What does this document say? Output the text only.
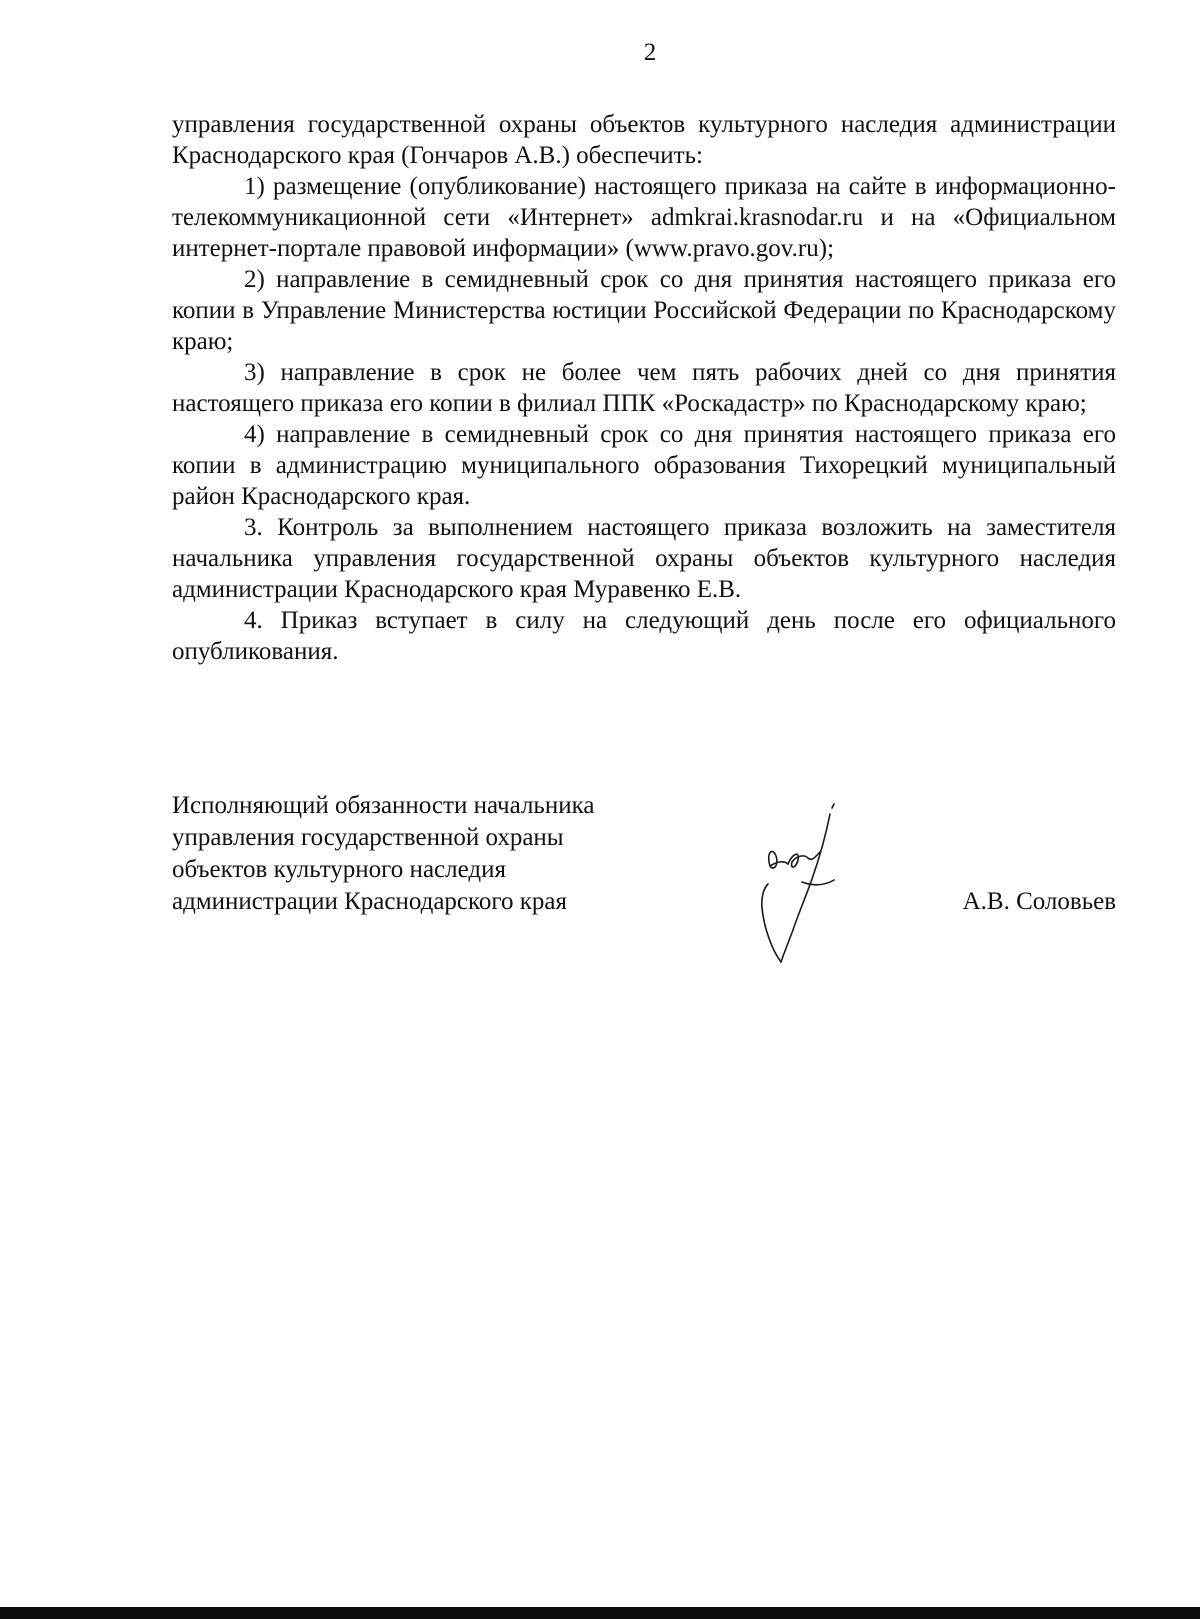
2

управления государственной охраны объектов культурного наследия администрации Краснодарского края (Гончаров А.В.) обеспечить:

1) размещение (опубликование) настоящего приказа на сайте в информационно-телекоммуникационной сети «Интернет» admkrai.krasnodar.ru и на «Официальном интернет-портале правовой информации» (www.pravo.gov.ru);

2) направление в семидневный срок со дня принятия настоящего приказа его копии в Управление Министерства юстиции Российской Федерации по Краснодарскому краю;

3) направление в срок не более чем пять рабочих дней со дня принятия настоящего приказа его копии в филиал ППК «Роскадастр» по Краснодарскому краю;

4) направление в семидневный срок со дня принятия настоящего приказа его копии в администрацию муниципального образования Тихорецкий муниципальный район Краснодарского края.

3. Контроль за выполнением настоящего приказа возложить на заместителя начальника управления государственной охраны объектов культурного наследия администрации Краснодарского края Муравенко Е.В.

4. Приказ вступает в силу на следующий день после его официального опубликования.

Исполняющий обязанности начальника
управления государственной охраны
объектов культурного наследия
администрации Краснодарского края	А.В. Соловьев
